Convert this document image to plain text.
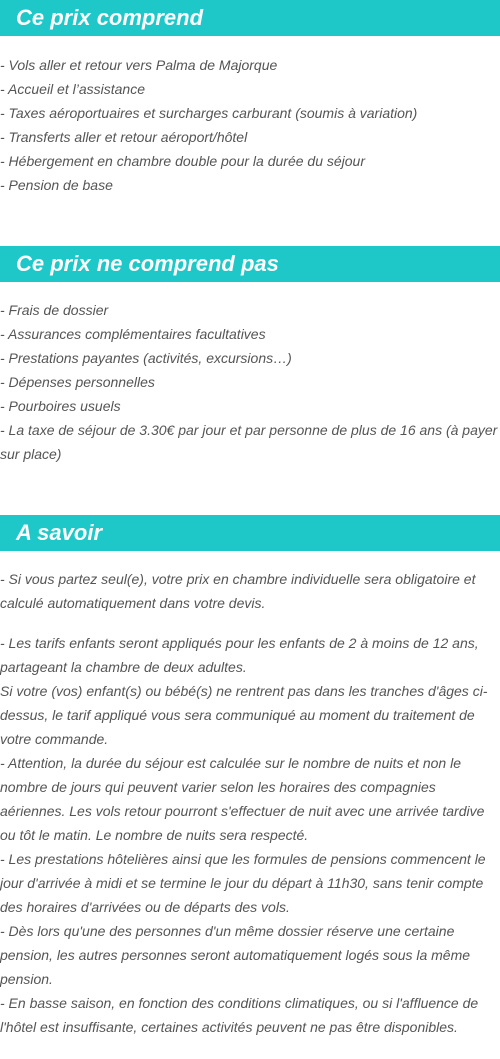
Ce prix comprend
- Vols aller et retour vers Palma de Majorque
- Accueil et l’assistance
- Taxes aéroportuaires et surcharges carburant (soumis à variation)
- Transferts aller et retour aéroport/hôtel
- Hébergement en chambre double pour la durée du séjour
- Pension de base
Ce prix ne comprend pas
- Frais de dossier
- Assurances complémentaires facultatives
- Prestations payantes (activités, excursions…)
- Dépenses personnelles
- Pourboires usuels
- La taxe de séjour de 3.30€ par jour et par personne de plus de 16 ans (à payer sur place)
A savoir

- Si vous partez seul(e), votre prix en chambre individuelle sera obligatoire et calculé automatiquement dans votre devis.

- Les tarifs enfants seront appliqués pour les enfants de 2 à moins de 12 ans, partageant la chambre de deux adultes.
Si votre (vos) enfant(s) ou bébé(s) ne rentrent pas dans les tranches d'âges ci-dessus, le tarif appliqué vous sera communiqué au moment du traitement de votre commande.
- Attention, la durée du séjour est calculée sur le nombre de nuits et non le nombre de jours qui peuvent varier selon les horaires des compagnies aériennes. Les vols retour pourront s'effectuer de nuit avec une arrivée tardive ou tôt le matin. Le nombre de nuits sera respecté.
- Les prestations hôtelières ainsi que les formules de pensions commencent le jour d'arrivée à midi et se termine le jour du départ à 11h30, sans tenir compte des horaires d'arrivées ou de départs des vols.
- Dès lors qu'une des personnes d'un même dossier réserve une certaine pension, les autres personnes seront automatiquement logés sous la même pension.
- En basse saison, en fonction des conditions climatiques, ou si l'affluence de l'hôtel est insuffisante, certaines activités peuvent ne pas être disponibles.
